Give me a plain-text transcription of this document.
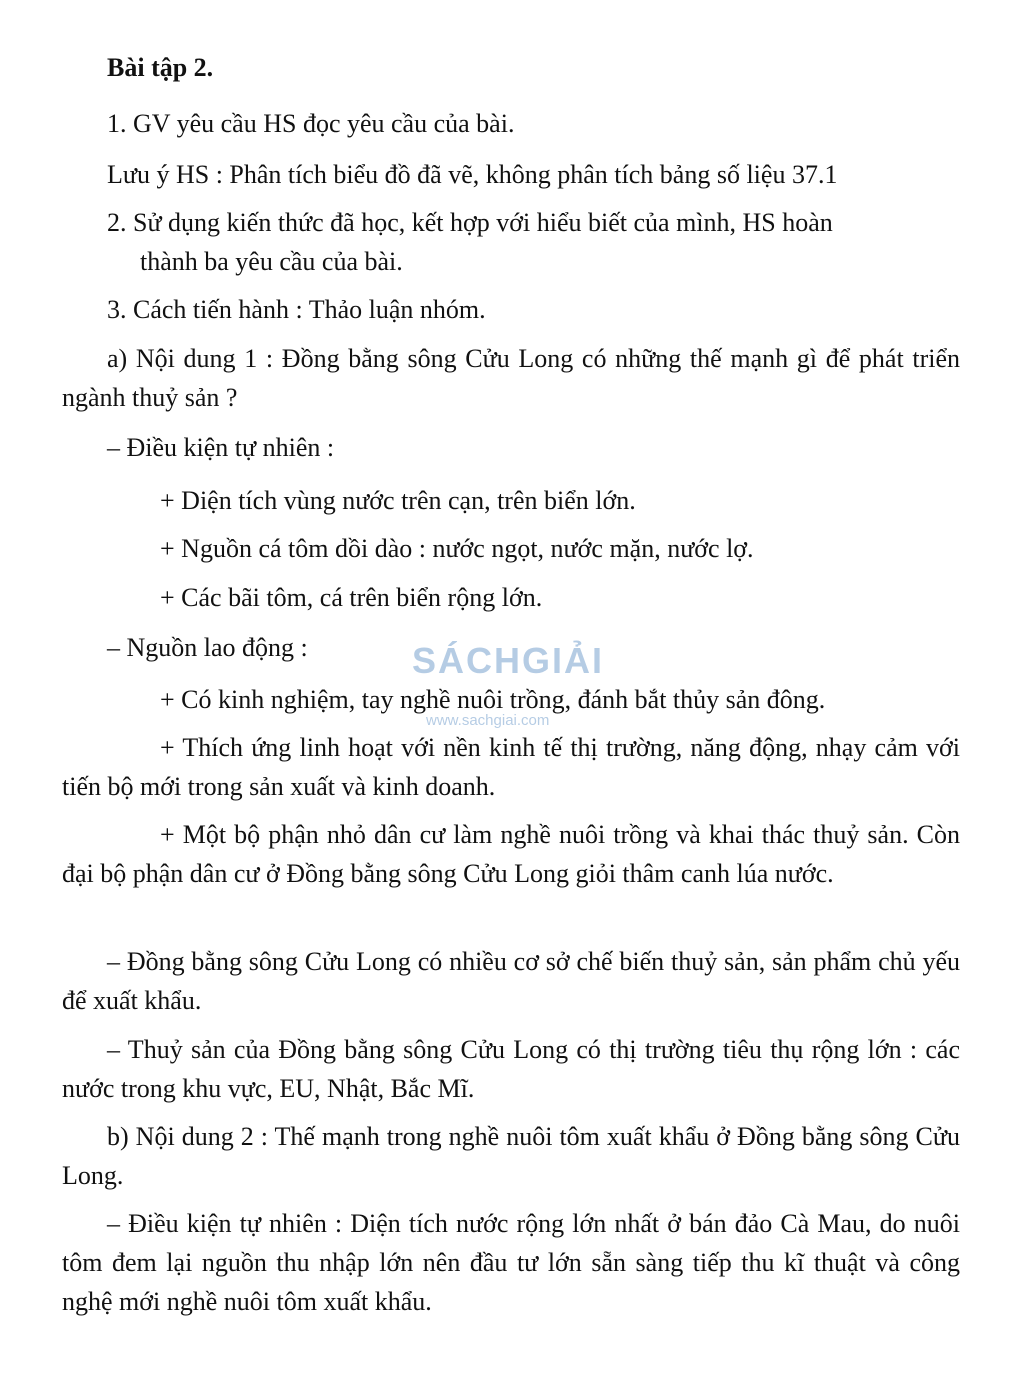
Bài tập 2.
1. GV yêu cầu HS đọc yêu cầu của bài.
Lưu ý HS : Phân tích biểu đồ đã vẽ, không phân tích bảng số liệu 37.1
2. Sử dụng kiến thức đã học, kết hợp với hiểu biết của mình, HS hoàn
thành ba yêu cầu của bài.
3. Cách tiến hành : Thảo luận nhóm.
a) Nội dung 1 : Đồng bằng sông Cửu Long có những thế mạnh gì để phát triển ngành thuỷ sản ?
– Điều kiện tự nhiên :
+ Diện tích vùng nước trên cạn, trên biển lớn.
+ Nguồn cá tôm dồi dào : nước ngọt, nước mặn, nước lợ.
+ Các bãi tôm, cá trên biển rộng lớn.
– Nguồn lao động :
+ Có kinh nghiệm, tay nghề nuôi trồng, đánh bắt thủy sản đông.
+ Thích ứng linh hoạt với nền kinh tế thị trường, năng động, nhạy cảm với tiến bộ mới trong sản xuất và kinh doanh.
+ Một bộ phận nhỏ dân cư làm nghề nuôi trồng và khai thác thuỷ sản. Còn đại bộ phận dân cư ở Đồng bằng sông Cửu Long giỏi thâm canh lúa nước.
– Đồng bằng sông Cửu Long có nhiều cơ sở chế biến thuỷ sản, sản phẩm chủ yếu để xuất khẩu.
– Thuỷ sản của Đồng bằng sông Cửu Long có thị trường tiêu thụ rộng lớn : các nước trong khu vực, EU, Nhật, Bắc Mĩ.
b) Nội dung 2 : Thế mạnh trong nghề nuôi tôm xuất khẩu ở Đồng bằng sông Cửu Long.
– Điều kiện tự nhiên : Diện tích nước rộng lớn nhất ở bán đảo Cà Mau, do nuôi tôm đem lại nguồn thu nhập lớn nên đầu tư lớn sẵn sàng tiếp thu kĩ thuật và công nghệ mới nghề nuôi tôm xuất khẩu.
SÁCHGIẢI
www.sachgiai.com
